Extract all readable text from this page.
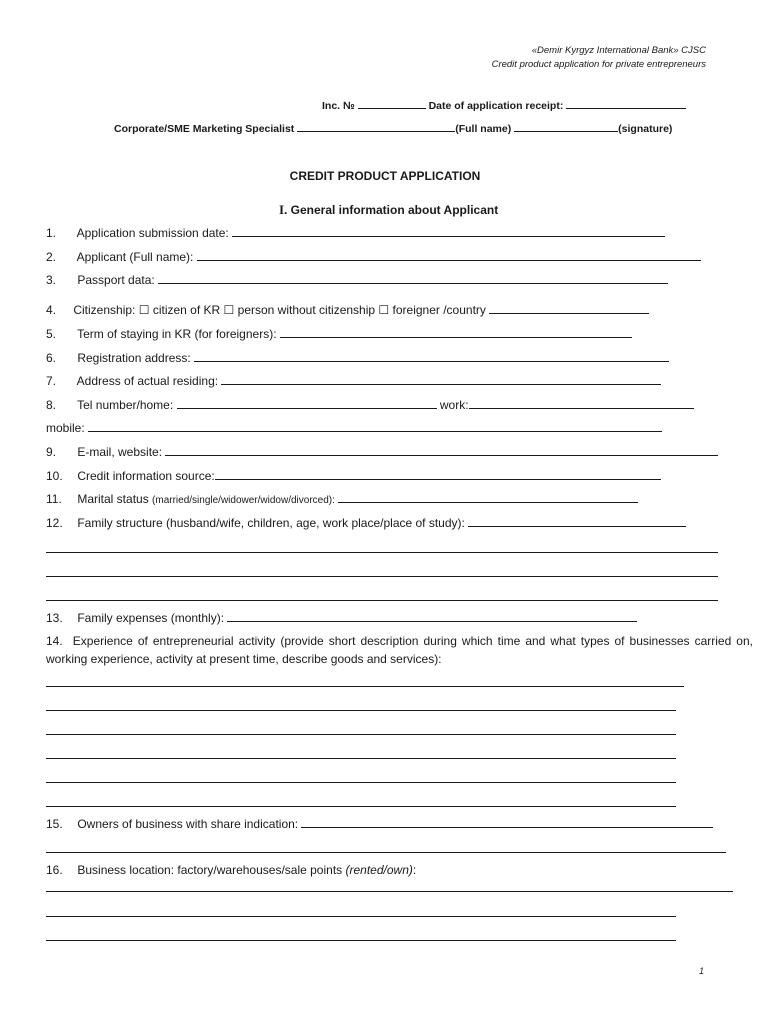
«Demir Kyrgyz International Bank» CJSC
Credit product application for private entrepreneurs
Inc. №	Date of application receipt:
Corporate/SME Marketing Specialist	(Full name)	(signature)
CREDIT PRODUCT APPLICATION
I. General information about Applicant
1. Application submission date:
2. Applicant (Full name):
3. Passport data:
4. Citizenship: ☐ citizen of KR ☐ person without citizenship ☐ foreigner /country
5. Term of staying in KR (for foreigners):
6. Registration address:
7. Address of actual residing:
8. Tel number/home:	work:
mobile:
9. E-mail, website:
10. Credit information source:
11. Marital status (married/single/widower/widow/divorced):
12. Family structure (husband/wife, children, age, work place/place of study):
13. Family expenses (monthly):
14. Experience of entrepreneurial activity (provide short description during which time and what types of businesses carried on, working experience, activity at present time, describe goods and services):
15. Owners of business with share indication:
16. Business location: factory/warehouses/sale points (rented/own):
1
